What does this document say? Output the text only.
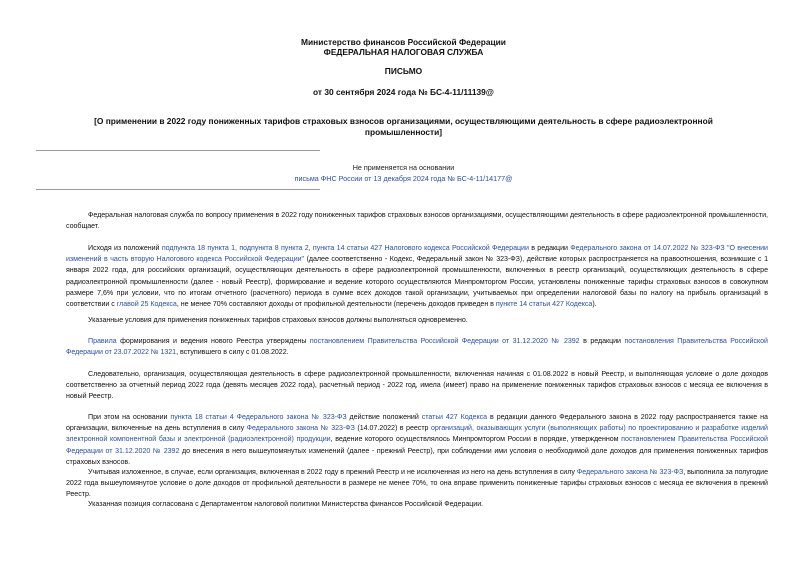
Министерство финансов Российской Федерации
ФЕДЕРАЛЬНАЯ НАЛОГОВАЯ СЛУЖБА
ПИСЬМО
от 30 сентября 2024 года № БС-4-11/11139@
[О применении в 2022 году пониженных тарифов страховых взносов организациями, осуществляющими деятельность в сфере радиоэлектронной
промышленности]
Не применяется на основании
письма ФНС России от 13 декабря 2024 года № БС-4-11/14177@

Федеральная налоговая служба по вопросу применения в 2022 году пониженных тарифов страховых взносов организациями, осуществляющими деятельность в сфере радиоэлектронной промышленности, сообщает.

Исходя из положений подпункта 18 пункта 1, подпункта 8 пункта 2, пункта 14 статьи 427 Налогового кодекса Российской Федерации в редакции Федерального закона от 14.07.2022 № 323-ФЗ "О внесении изменений в часть вторую Налогового кодекса Российской Федерации" (далее соответственно - Кодекс, Федеральный закон № 323-ФЗ), действие которых распространяется на правоотношения, возникшие с 1 января 2022 года, для российских организаций, осуществляющих деятельность в сфере радиоэлектронной промышленности, включенных в реестр организаций, осуществляющих деятельность в сфере радиоэлектронной промышленности (далее - новый Реестр), формирование и ведение которого осуществляются Минпромторгом России, установлены пониженные тарифы страховых взносов в совокупном размере 7,6% при условии, что по итогам отчетного (расчетного) периода в сумме всех доходов такой организации, учитываемых при определении налоговой базы по налогу на прибыль организаций в соответствии с главой 25 Кодекса, не менее 70% составляют доходы от профильной деятельности (перечень доходов приведен в пункте 14 статьи 427 Кодекса).

Указанные условия для применения пониженных тарифов страховых взносов должны выполняться одновременно.

Правила формирования и ведения нового Реестра утверждены постановлением Правительства Российской Федерации от 31.12.2020 № 2392 в редакции постановления Правительства Российской Федерации от 23.07.2022 № 1321, вступившего в силу с 01.08.2022.

Следовательно, организация, осуществляющая деятельность в сфере радиоэлектронной промышленности, включенная начиная с 01.08.2022 в новый Реестр, и выполняющая условие о доле доходов соответственно за отчетный период 2022 года (девять месяцев 2022 года), расчетный период - 2022 год, имела (имеет) право на применение пониженных тарифов страховых взносов с месяца ее включения в новый Реестр.

При этом на основании пункта 18 статьи 4 Федерального закона № 323-ФЗ действие положений статьи 427 Кодекса в редакции данного Федерального закона в 2022 году распространяется также на организации, включенные на день вступления в силу Федерального закона № 323-ФЗ (14.07.2022) в реестр организаций, оказывающих услуги (выполняющих работы) по проектированию и разработке изделий электронной компонентной базы и электронной (радиоэлектронной) продукции, ведение которого осуществлялось Минпромторгом России в порядке, утвержденном постановлением Правительства Российской Федерации от 31.12.2020 № 2392 до внесения в него вышеупомянутых изменений (далее - прежний Реестр), при соблюдении ими условия о необходимой доле доходов для применения пониженных тарифов страховых взносов.

Учитывая изложенное, в случае, если организация, включенная в 2022 году в прежний Реестр и не исключенная из него на день вступления в силу Федерального закона № 323-ФЗ, выполнила за полугодие 2022 года вышеупомянутое условие о доле доходов от профильной деятельности в размере не менее 70%, то она вправе применить пониженные тарифы страховых взносов с месяца ее включения в прежний Реестр.

Указанная позиция согласована с Департаментом налоговой политики Министерства финансов Российской Федерации.
